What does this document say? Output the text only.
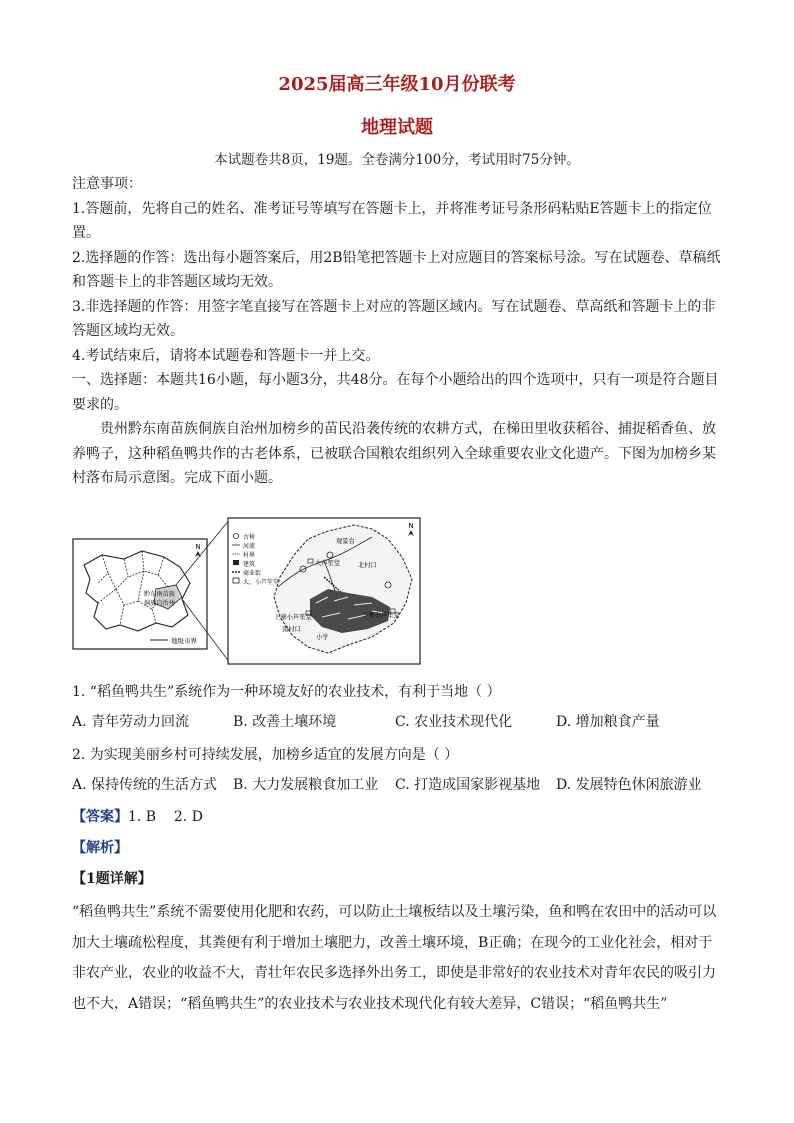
2025届高三年级10月份联考
地理试题
本试题卷共8页，19题。全卷满分100分，考试用时75分钟。
注意事项：
1.答题前，先将自己的姓名、准考证号等填写在答题卡上，并将准考证号条形码粘贴E答题卡上的指定位置。
2.选择题的作答：选出每小题答案后，用2B铅笔把答题卡上对应题目的答案标号涂。写在试题卷、草稿纸和答题卡上的非答题区域均无效。
3.非选择题的作答：用签字笔直接写在答题卡上对应的答题区域内。写在试题卷、草高纸和答题卡上的非答题区域均无效。
4.考试结束后，请将本试题卷和答题卡一并上交。
一、选择题：本题共16小题，每小题3分，共48分。在每个小题给出的四个选项中，只有一项是符合题目要求的。
贵州黔东南苗族侗族自治州加榜乡的苗民沿袭传统的农耕方式，在梯田里收获稻谷、捕捉稻香鱼、放养鸭子，这种稻鱼鸭共作的古老体系，已被联合国粮农组织列入全球重要农业文化遗产。下图为加榜乡某村落布局示意图。完成下面小题。
N
黔东南苗族
侗族自治州
地级市界
N
古树
河流
村界
建筑
商业街
大、小芦笙堂
观景台
大芦笙堂	北村口
上寨小芦笙堂
南村口
小学
下寨小芦笙堂
1. “稻鱼鸭共生”系统作为一种环境友好的农业技术，有利于当地（ ）
A. 青年劳动力回流	B. 改善土壤环境	C. 农业技术现代化	D. 增加粮食产量
2. 为实现美丽乡村可持续发展，加榜乡适宜的发展方向是（ ）
A. 保持传统的生活方式 B. 大力发展粮食加工业 C. 打造成国家影视基地 D. 发展特色休闲旅游业
【答案】1. B    2. D
【解析】
【1题详解】
“稻鱼鸭共生”系统不需要使用化肥和农药，可以防止土壤板结以及土壤污染，鱼和鸭在农田中的活动可以加大土壤疏松程度，其粪便有利于增加土壤肥力，改善土壤环境，B正确；在现今的工业化社会，相对于非农产业，农业的收益不大，青壮年农民多选择外出务工，即使是非常好的农业技术对青年农民的吸引力也不大，A错误；“稻鱼鸭共生”的农业技术与农业技术现代化有较大差异，C错误；“稻鱼鸭共生”
